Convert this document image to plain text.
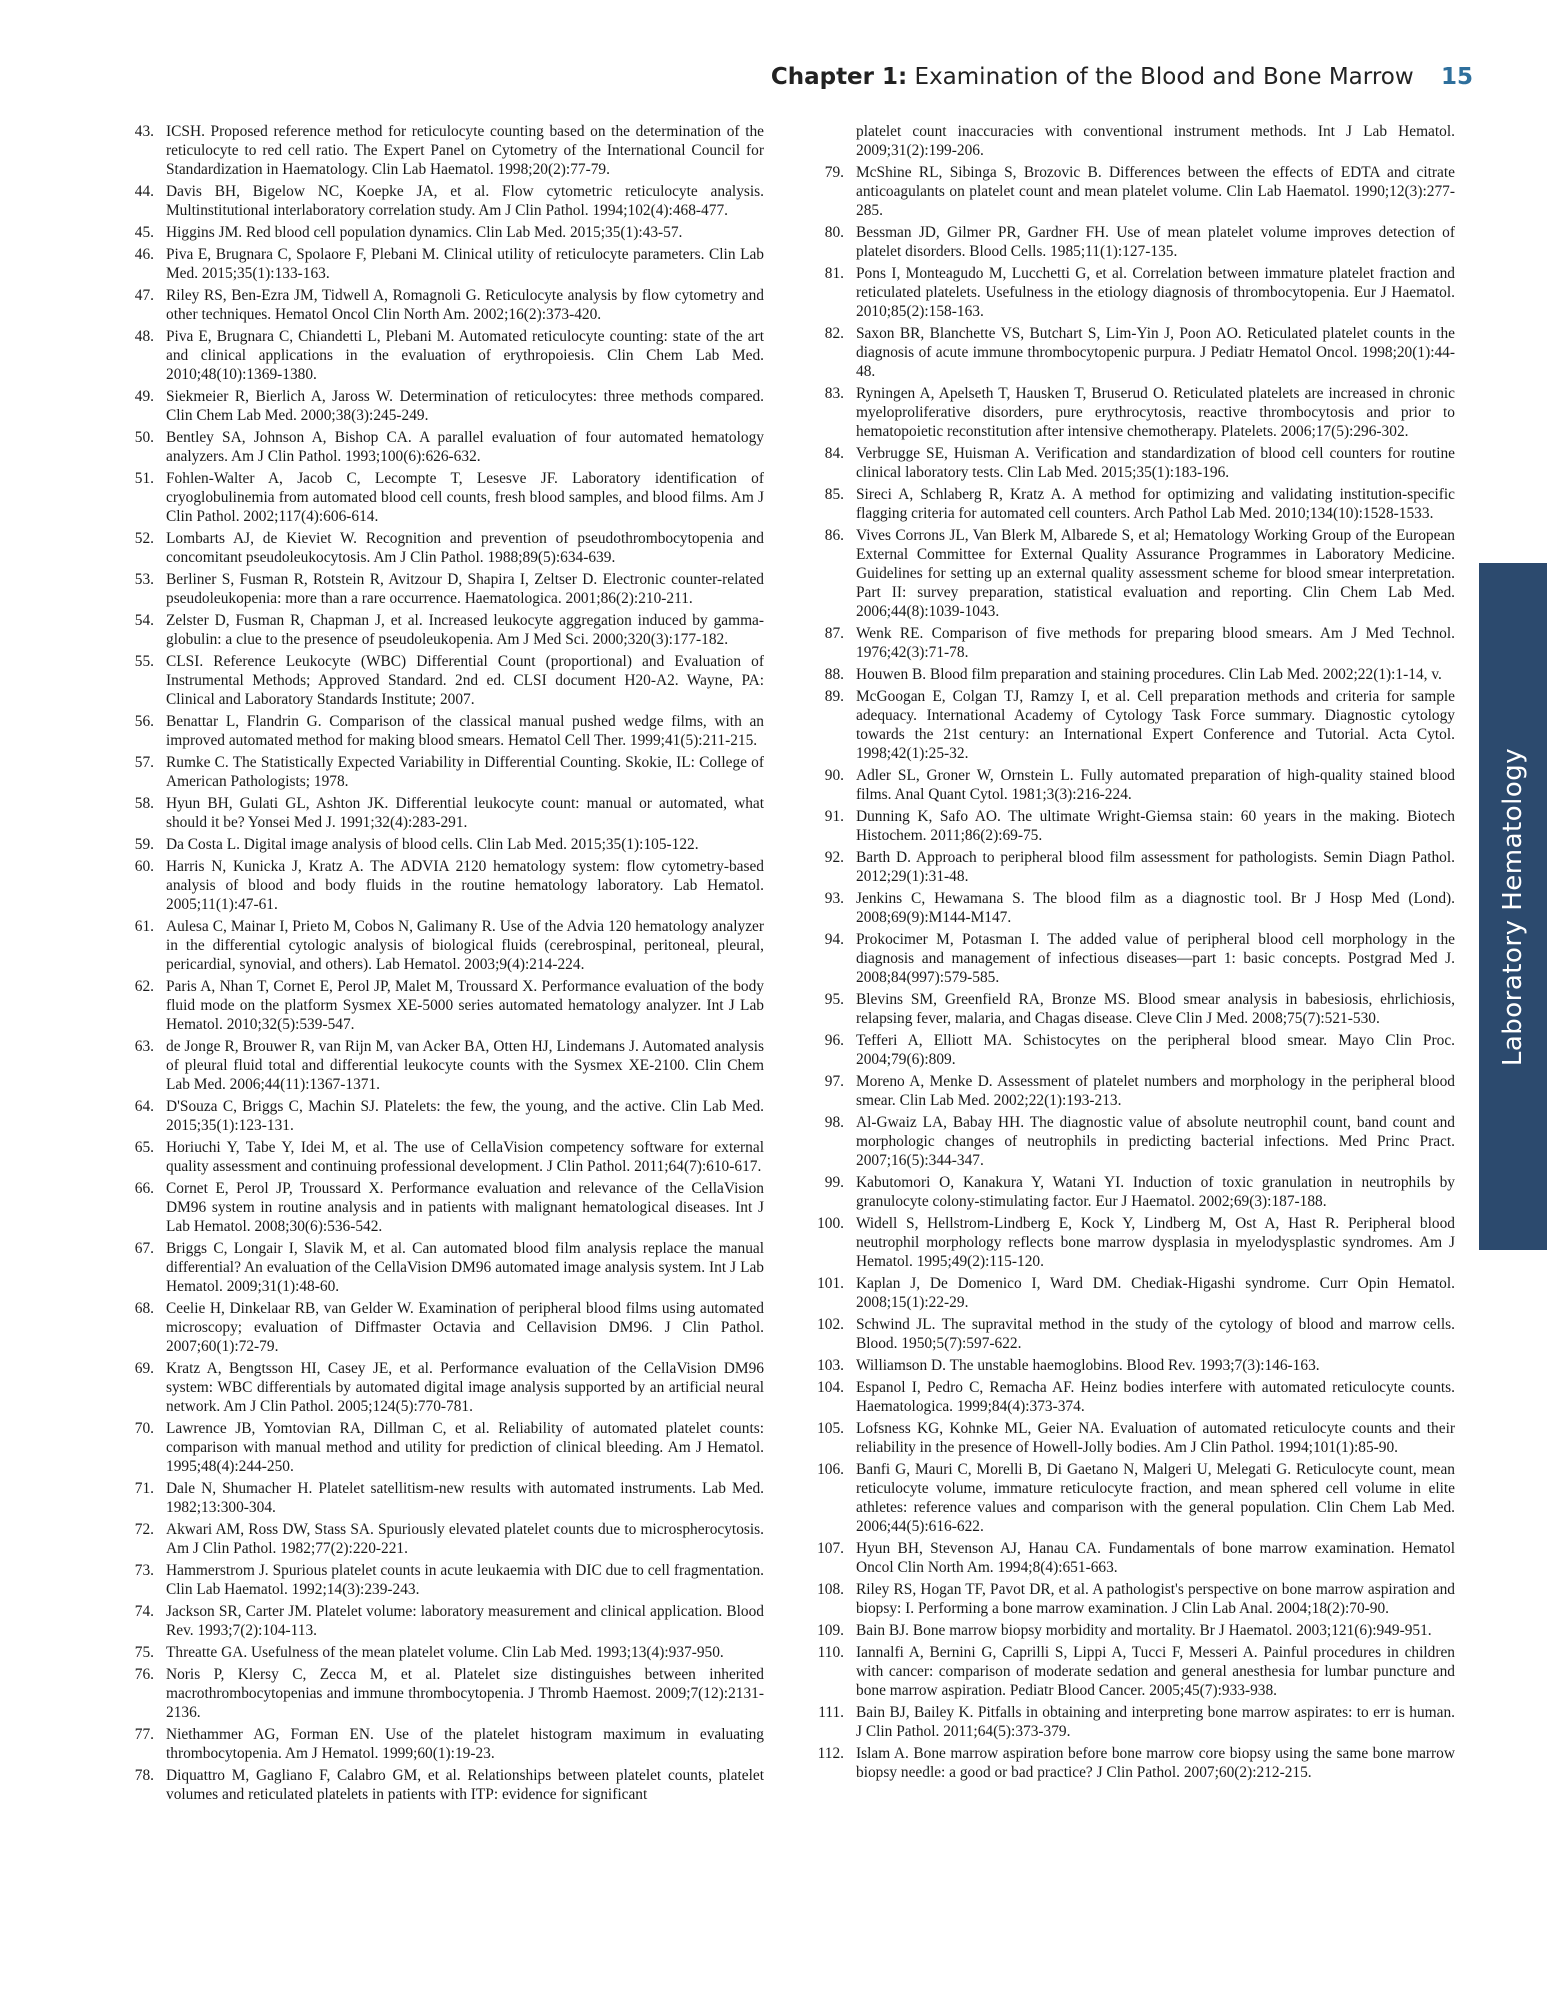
Chapter 1: Examination of the Blood and Bone Marrow 15
43. ICSH. Proposed reference method for reticulocyte counting based on the determination of the reticulocyte to red cell ratio. The Expert Panel on Cytometry of the International Council for Standardization in Haematology. Clin Lab Haematol. 1998;20(2):77-79.
44. Davis BH, Bigelow NC, Koepke JA, et al. Flow cytometric reticulocyte analysis. Multinstitutional interlaboratory correlation study. Am J Clin Pathol. 1994;102(4):468-477.
45. Higgins JM. Red blood cell population dynamics. Clin Lab Med. 2015;35(1):43-57.
46. Piva E, Brugnara C, Spolaore F, Plebani M. Clinical utility of reticulocyte parameters. Clin Lab Med. 2015;35(1):133-163.
47. Riley RS, Ben-Ezra JM, Tidwell A, Romagnoli G. Reticulocyte analysis by flow cytometry and other techniques. Hematol Oncol Clin North Am. 2002;16(2):373-420.
48. Piva E, Brugnara C, Chiandetti L, Plebani M. Automated reticulocyte counting: state of the art and clinical applications in the evaluation of erythropoiesis. Clin Chem Lab Med. 2010;48(10):1369-1380.
49. Siekmeier R, Bierlich A, Jaross W. Determination of reticulocytes: three methods compared. Clin Chem Lab Med. 2000;38(3):245-249.
50. Bentley SA, Johnson A, Bishop CA. A parallel evaluation of four automated hematology analyzers. Am J Clin Pathol. 1993;100(6):626-632.
51. Fohlen-Walter A, Jacob C, Lecompte T, Lesesve JF. Laboratory identification of cryoglobulinemia from automated blood cell counts, fresh blood samples, and blood films. Am J Clin Pathol. 2002;117(4):606-614.
52. Lombarts AJ, de Kieviet W. Recognition and prevention of pseudothrombocytopenia and concomitant pseudoleukocytosis. Am J Clin Pathol. 1988;89(5):634-639.
53. Berliner S, Fusman R, Rotstein R, Avitzour D, Shapira I, Zeltser D. Electronic counter-related pseudoleukopenia: more than a rare occurrence. Haematologica. 2001;86(2):210-211.
54. Zelster D, Fusman R, Chapman J, et al. Increased leukocyte aggregation induced by gamma-globulin: a clue to the presence of pseudoleukopenia. Am J Med Sci. 2000;320(3):177-182.
55. CLSI. Reference Leukocyte (WBC) Differential Count (proportional) and Evaluation of Instrumental Methods; Approved Standard. 2nd ed. CLSI document H20-A2. Wayne, PA: Clinical and Laboratory Standards Institute; 2007.
56. Benattar L, Flandrin G. Comparison of the classical manual pushed wedge films, with an improved automated method for making blood smears. Hematol Cell Ther. 1999;41(5):211-215.
57. Rumke C. The Statistically Expected Variability in Differential Counting. Skokie, IL: College of American Pathologists; 1978.
58. Hyun BH, Gulati GL, Ashton JK. Differential leukocyte count: manual or automated, what should it be? Yonsei Med J. 1991;32(4):283-291.
59. Da Costa L. Digital image analysis of blood cells. Clin Lab Med. 2015;35(1):105-122.
60. Harris N, Kunicka J, Kratz A. The ADVIA 2120 hematology system: flow cytometry-based analysis of blood and body fluids in the routine hematology laboratory. Lab Hematol. 2005;11(1):47-61.
61. Aulesa C, Mainar I, Prieto M, Cobos N, Galimany R. Use of the Advia 120 hematology analyzer in the differential cytologic analysis of biological fluids (cerebrospinal, peritoneal, pleural, pericardial, synovial, and others). Lab Hematol. 2003;9(4):214-224.
62. Paris A, Nhan T, Cornet E, Perol JP, Malet M, Troussard X. Performance evaluation of the body fluid mode on the platform Sysmex XE-5000 series automated hematology analyzer. Int J Lab Hematol. 2010;32(5):539-547.
63. de Jonge R, Brouwer R, van Rijn M, van Acker BA, Otten HJ, Lindemans J. Automated analysis of pleural fluid total and differential leukocyte counts with the Sysmex XE-2100. Clin Chem Lab Med. 2006;44(11):1367-1371.
64. D'Souza C, Briggs C, Machin SJ. Platelets: the few, the young, and the active. Clin Lab Med. 2015;35(1):123-131.
65. Horiuchi Y, Tabe Y, Idei M, et al. The use of CellaVision competency software for external quality assessment and continuing professional development. J Clin Pathol. 2011;64(7):610-617.
66. Cornet E, Perol JP, Troussard X. Performance evaluation and relevance of the CellaVision DM96 system in routine analysis and in patients with malignant hematological diseases. Int J Lab Hematol. 2008;30(6):536-542.
67. Briggs C, Longair I, Slavik M, et al. Can automated blood film analysis replace the manual differential? An evaluation of the CellaVision DM96 automated image analysis system. Int J Lab Hematol. 2009;31(1):48-60.
68. Ceelie H, Dinkelaar RB, van Gelder W. Examination of peripheral blood films using automated microscopy; evaluation of Diffmaster Octavia and Cellavision DM96. J Clin Pathol. 2007;60(1):72-79.
69. Kratz A, Bengtsson HI, Casey JE, et al. Performance evaluation of the CellaVision DM96 system: WBC differentials by automated digital image analysis supported by an artificial neural network. Am J Clin Pathol. 2005;124(5):770-781.
70. Lawrence JB, Yomtovian RA, Dillman C, et al. Reliability of automated platelet counts: comparison with manual method and utility for prediction of clinical bleeding. Am J Hematol. 1995;48(4):244-250.
71. Dale N, Shumacher H. Platelet satellitism-new results with automated instruments. Lab Med. 1982;13:300-304.
72. Akwari AM, Ross DW, Stass SA. Spuriously elevated platelet counts due to microspherocytosis. Am J Clin Pathol. 1982;77(2):220-221.
73. Hammerstrom J. Spurious platelet counts in acute leukaemia with DIC due to cell fragmentation. Clin Lab Haematol. 1992;14(3):239-243.
74. Jackson SR, Carter JM. Platelet volume: laboratory measurement and clinical application. Blood Rev. 1993;7(2):104-113.
75. Threatte GA. Usefulness of the mean platelet volume. Clin Lab Med. 1993;13(4):937-950.
76. Noris P, Klersy C, Zecca M, et al. Platelet size distinguishes between inherited macrothrombocytopenias and immune thrombocytopenia. J Thromb Haemost. 2009;7(12):2131-2136.
77. Niethammer AG, Forman EN. Use of the platelet histogram maximum in evaluating thrombocytopenia. Am J Hematol. 1999;60(1):19-23.
78. Diquattro M, Gagliano F, Calabro GM, et al. Relationships between platelet counts, platelet volumes and reticulated platelets in patients with ITP: evidence for significant
platelet count inaccuracies with conventional instrument methods. Int J Lab Hematol. 2009;31(2):199-206.
79. McShine RL, Sibinga S, Brozovic B. Differences between the effects of EDTA and citrate anticoagulants on platelet count and mean platelet volume. Clin Lab Haematol. 1990;12(3):277-285.
80. Bessman JD, Gilmer PR, Gardner FH. Use of mean platelet volume improves detection of platelet disorders. Blood Cells. 1985;11(1):127-135.
81. Pons I, Monteagudo M, Lucchetti G, et al. Correlation between immature platelet fraction and reticulated platelets. Usefulness in the etiology diagnosis of thrombocytopenia. Eur J Haematol. 2010;85(2):158-163.
82. Saxon BR, Blanchette VS, Butchart S, Lim-Yin J, Poon AO. Reticulated platelet counts in the diagnosis of acute immune thrombocytopenic purpura. J Pediatr Hematol Oncol. 1998;20(1):44-48.
83. Ryningen A, Apelseth T, Hausken T, Bruserud O. Reticulated platelets are increased in chronic myeloproliferative disorders, pure erythrocytosis, reactive thrombocytosis and prior to hematopoietic reconstitution after intensive chemotherapy. Platelets. 2006;17(5):296-302.
84. Verbrugge SE, Huisman A. Verification and standardization of blood cell counters for routine clinical laboratory tests. Clin Lab Med. 2015;35(1):183-196.
85. Sireci A, Schlaberg R, Kratz A. A method for optimizing and validating institution-specific flagging criteria for automated cell counters. Arch Pathol Lab Med. 2010;134(10):1528-1533.
86. Vives Corrons JL, Van Blerk M, Albarede S, et al; Hematology Working Group of the European External Committee for External Quality Assurance Programmes in Laboratory Medicine. Guidelines for setting up an external quality assessment scheme for blood smear interpretation. Part II: survey preparation, statistical evaluation and reporting. Clin Chem Lab Med. 2006;44(8):1039-1043.
87. Wenk RE. Comparison of five methods for preparing blood smears. Am J Med Technol. 1976;42(3):71-78.
88. Houwen B. Blood film preparation and staining procedures. Clin Lab Med. 2002;22(1):1-14, v.
89. McGoogan E, Colgan TJ, Ramzy I, et al. Cell preparation methods and criteria for sample adequacy. International Academy of Cytology Task Force summary. Diagnostic cytology towards the 21st century: an International Expert Conference and Tutorial. Acta Cytol. 1998;42(1):25-32.
90. Adler SL, Groner W, Ornstein L. Fully automated preparation of high-quality stained blood films. Anal Quant Cytol. 1981;3(3):216-224.
91. Dunning K, Safo AO. The ultimate Wright-Giemsa stain: 60 years in the making. Biotech Histochem. 2011;86(2):69-75.
92. Barth D. Approach to peripheral blood film assessment for pathologists. Semin Diagn Pathol. 2012;29(1):31-48.
93. Jenkins C, Hewamana S. The blood film as a diagnostic tool. Br J Hosp Med (Lond). 2008;69(9):M144-M147.
94. Prokocimer M, Potasman I. The added value of peripheral blood cell morphology in the diagnosis and management of infectious diseases—part 1: basic concepts. Postgrad Med J. 2008;84(997):579-585.
95. Blevins SM, Greenfield RA, Bronze MS. Blood smear analysis in babesiosis, ehrlichiosis, relapsing fever, malaria, and Chagas disease. Cleve Clin J Med. 2008;75(7):521-530.
96. Tefferi A, Elliott MA. Schistocytes on the peripheral blood smear. Mayo Clin Proc. 2004;79(6):809.
97. Moreno A, Menke D. Assessment of platelet numbers and morphology in the peripheral blood smear. Clin Lab Med. 2002;22(1):193-213.
98. Al-Gwaiz LA, Babay HH. The diagnostic value of absolute neutrophil count, band count and morphologic changes of neutrophils in predicting bacterial infections. Med Princ Pract. 2007;16(5):344-347.
99. Kabutomori O, Kanakura Y, Watani YI. Induction of toxic granulation in neutrophils by granulocyte colony-stimulating factor. Eur J Haematol. 2002;69(3):187-188.
100. Widell S, Hellstrom-Lindberg E, Kock Y, Lindberg M, Ost A, Hast R. Peripheral blood neutrophil morphology reflects bone marrow dysplasia in myelodysplastic syndromes. Am J Hematol. 1995;49(2):115-120.
101. Kaplan J, De Domenico I, Ward DM. Chediak-Higashi syndrome. Curr Opin Hematol. 2008;15(1):22-29.
102. Schwind JL. The supravital method in the study of the cytology of blood and marrow cells. Blood. 1950;5(7):597-622.
103. Williamson D. The unstable haemoglobins. Blood Rev. 1993;7(3):146-163.
104. Espanol I, Pedro C, Remacha AF. Heinz bodies interfere with automated reticulocyte counts. Haematologica. 1999;84(4):373-374.
105. Lofsness KG, Kohnke ML, Geier NA. Evaluation of automated reticulocyte counts and their reliability in the presence of Howell-Jolly bodies. Am J Clin Pathol. 1994;101(1):85-90.
106. Banfi G, Mauri C, Morelli B, Di Gaetano N, Malgeri U, Melegati G. Reticulocyte count, mean reticulocyte volume, immature reticulocyte fraction, and mean sphered cell volume in elite athletes: reference values and comparison with the general population. Clin Chem Lab Med. 2006;44(5):616-622.
107. Hyun BH, Stevenson AJ, Hanau CA. Fundamentals of bone marrow examination. Hematol Oncol Clin North Am. 1994;8(4):651-663.
108. Riley RS, Hogan TF, Pavot DR, et al. A pathologist's perspective on bone marrow aspiration and biopsy: I. Performing a bone marrow examination. J Clin Lab Anal. 2004;18(2):70-90.
109. Bain BJ. Bone marrow biopsy morbidity and mortality. Br J Haematol. 2003;121(6):949-951.
110. Iannalfi A, Bernini G, Caprilli S, Lippi A, Tucci F, Messeri A. Painful procedures in children with cancer: comparison of moderate sedation and general anesthesia for lumbar puncture and bone marrow aspiration. Pediatr Blood Cancer. 2005;45(7):933-938.
111. Bain BJ, Bailey K. Pitfalls in obtaining and interpreting bone marrow aspirates: to err is human. J Clin Pathol. 2011;64(5):373-379.
112. Islam A. Bone marrow aspiration before bone marrow core biopsy using the same bone marrow biopsy needle: a good or bad practice? J Clin Pathol. 2007;60(2):212-215.
Laboratory Hematology
